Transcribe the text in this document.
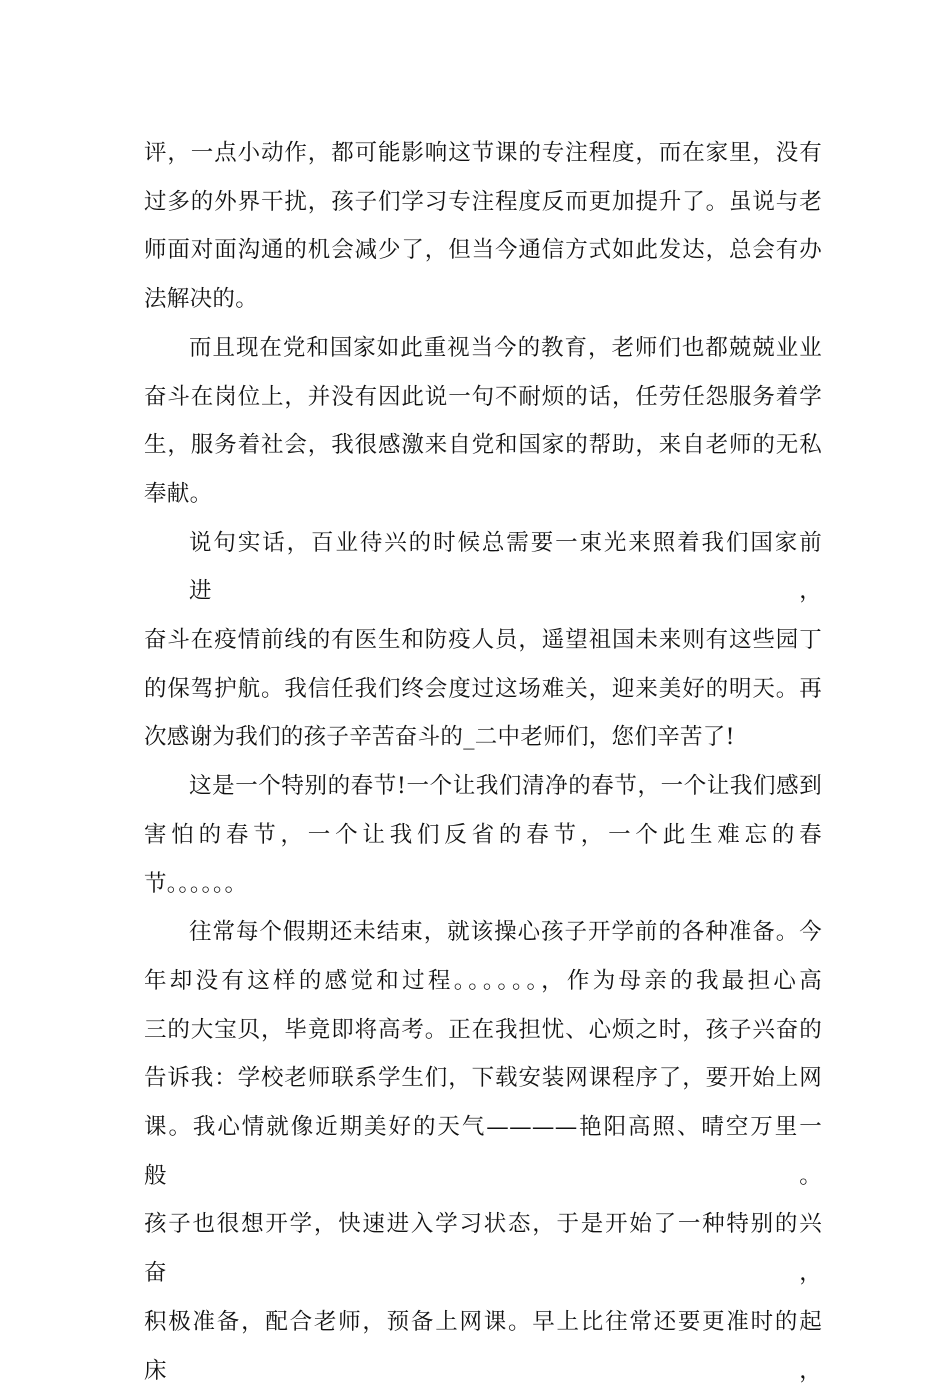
评，一点小动作，都可能影响这节课的专注程度，而在家里，没有
过多的外界干扰，孩子们学习专注程度反而更加提升了。虽说与老
师面对面沟通的机会减少了，但当今通信方式如此发达，总会有办
法解决的。

而且现在党和国家如此重视当今的教育，老师们也都兢兢业业
奋斗在岗位上，并没有因此说一句不耐烦的话，任劳任怨服务着学
生，服务着社会，我很感激来自党和国家的帮助，来自老师的无私
奉献。

说句实话，百业待兴的时候总需要一束光来照着我们国家前进，
奋斗在疫情前线的有医生和防疫人员，遥望祖国未来则有这些园丁
的保驾护航。我信任我们终会度过这场难关，迎来美好的明天。再
次感谢为我们的孩子辛苦奋斗的_二中老师们，您们辛苦了!

这是一个特别的春节!一个让我们清净的春节，一个让我们感到
害怕的春节，一个让我们反省的春节，一个此生难忘的春
节。。。。。。

往常每个假期还未结束，就该操心孩子开学前的各种准备。今
年却没有这样的感觉和过程。。。。。。，作为母亲的我最担心高
三的大宝贝，毕竟即将高考。正在我担忧、心烦之时，孩子兴奋的
告诉我：学校老师联系学生们，下载安装网课程序了，要开始上网
课。我心情就像近期美好的天气————艳阳高照、晴空万里一般。
孩子也很想开学，快速进入学习状态，于是开始了一种特别的兴奋，
积极准备，配合老师，预备上网课。早上比往常还要更准时的起床，
